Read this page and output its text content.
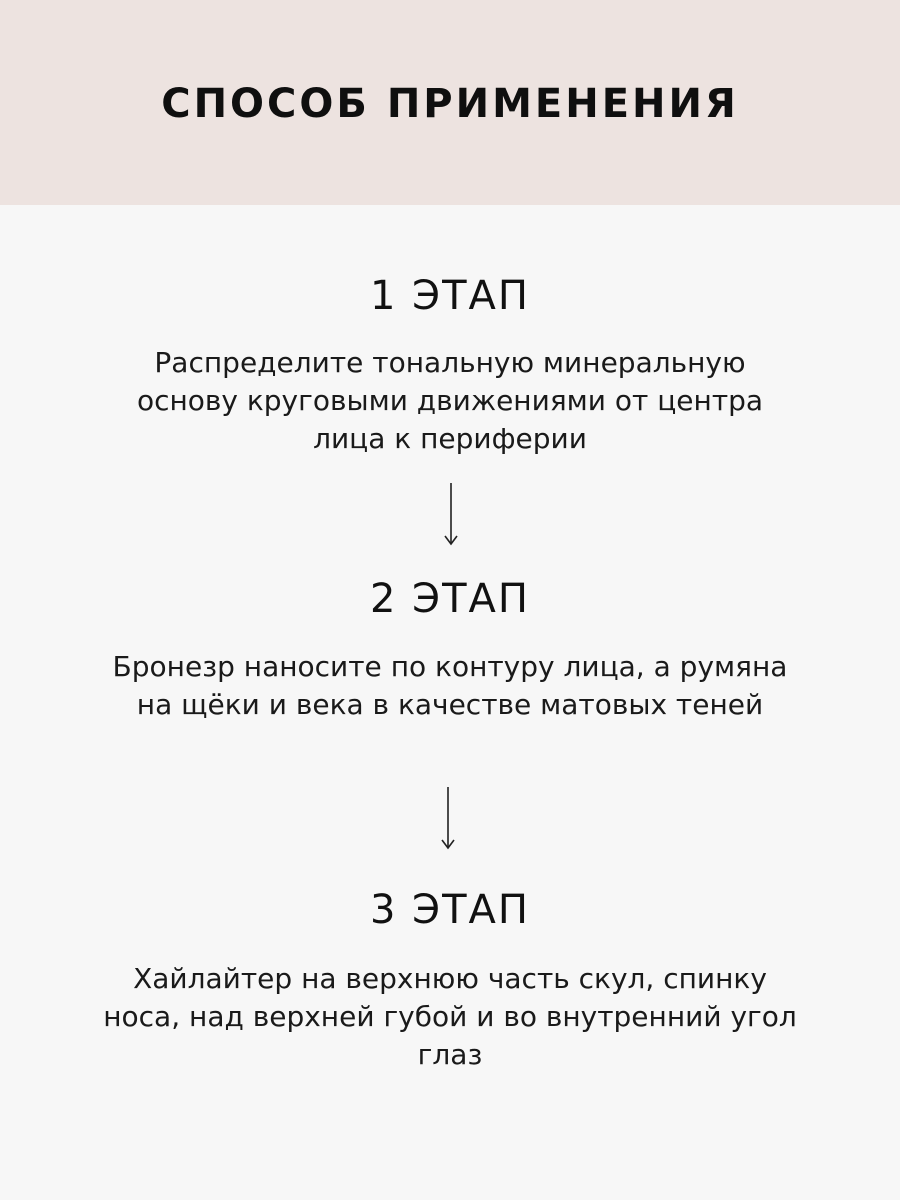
СПОСОБ ПРИМЕНЕНИЯ
1 ЭТАП
Распределите тональную минеральную основу круговыми движениями от центра лица к периферии
2 ЭТАП
Бронезр наносите по контуру лица, а румяна на щёки и века в качестве матовых теней
3 ЭТАП
Хайлайтер на верхнюю часть скул, спинку носа, над верхней губой и во внутренний угол глаз
